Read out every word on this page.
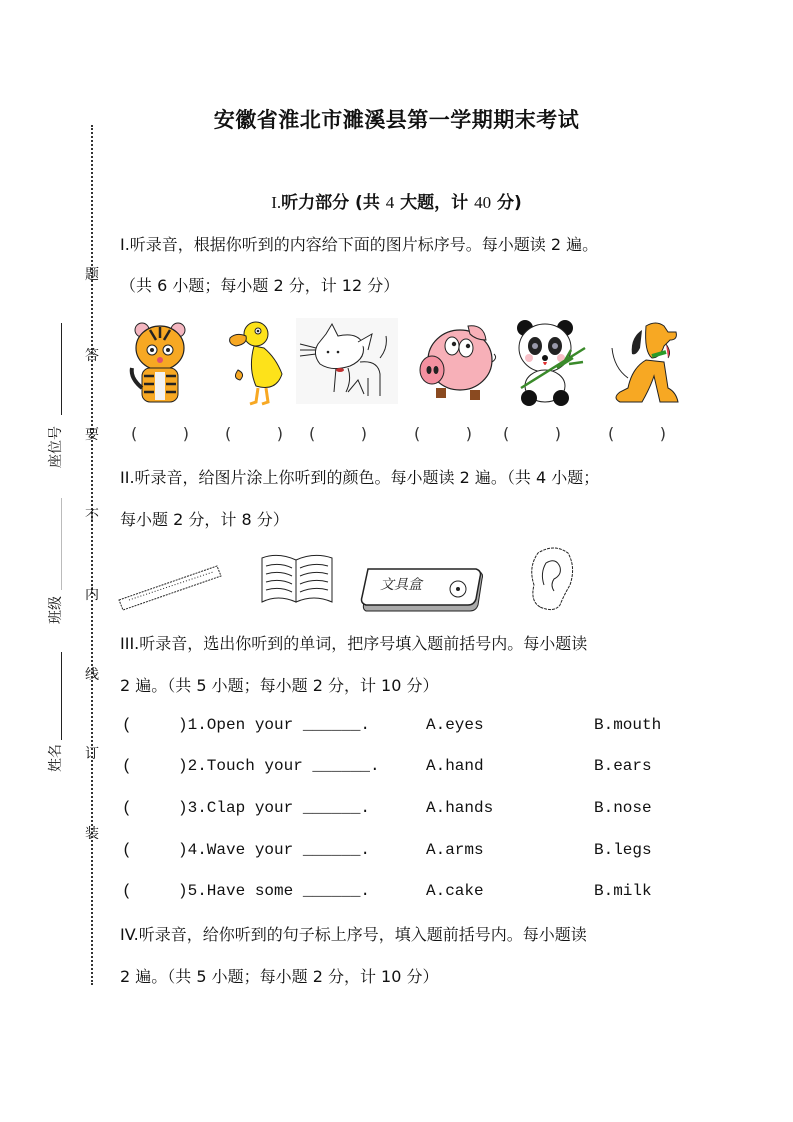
题
答
要
不
内
线
订
装
座位号
班级
姓名
安徽省淮北市濉溪县第一学期期末考试
I.听力部分 (共 4 大题，计 40 分)
I.听录音，根据你听到的内容给下面的图片标序号。每小题读 2 遍。
（共 6 小题；每小题 2 分，计 12 分）
(	) (	) (	)	(	) (	)	(	)
II.听录音，给图片涂上你听到的颜色。每小题读 2 遍。（共 4 小题；
每小题 2 分，计 8 分）
文具盒
III.听录音，选出你听到的单词，把序号填入题前括号内。每小题读
2 遍。（共 5 小题；每小题 2 分，计 10 分）
(	)1.Open your ______.	A.eyes	B.mouth
(	)2.Touch your ______.	A.hand	B.ears
(	)3.Clap your ______.	A.hands	B.nose
(	)4.Wave your ______.	A.arms	B.legs
(	)5.Have some ______.	A.cake	B.milk
IV.听录音，给你听到的句子标上序号，填入题前括号内。每小题读
2 遍。（共 5 小题；每小题 2 分，计 10 分）
